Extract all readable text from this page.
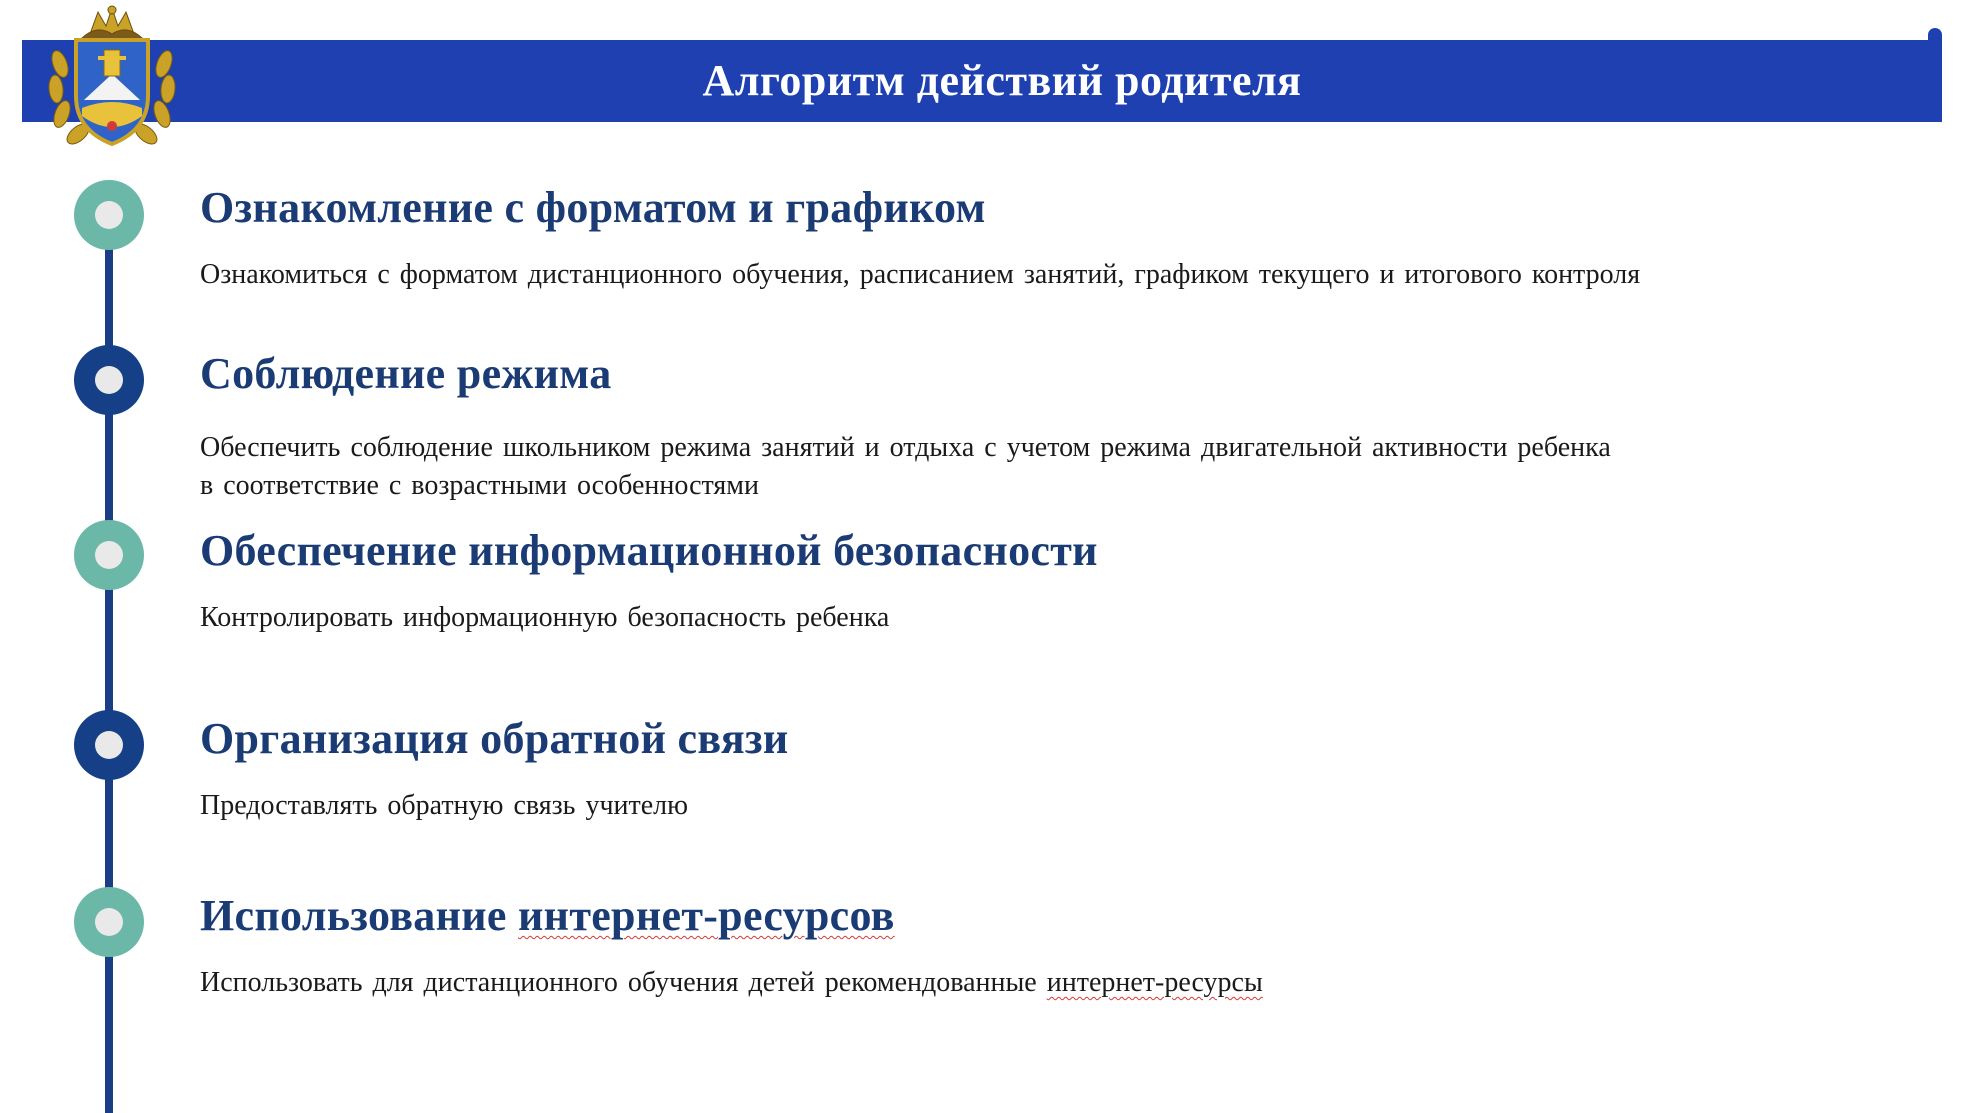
Алгоритм действий родителя
Ознакомление с форматом и графиком
Ознакомиться с форматом дистанционного обучения, расписанием занятий, графиком текущего и итогового контроля
Соблюдение режима
Обеспечить соблюдение школьником режима занятий и отдыха с учетом режима двигательной активности ребенка
в соответствие с возрастными особенностями
Обеспечение информационной безопасности
Контролировать информационную безопасность ребенка
Организация обратной связи
Предоставлять обратную связь учителю
Использование интернет-ресурсов
Использовать для дистанционного обучения детей рекомендованные интернет-ресурсы
